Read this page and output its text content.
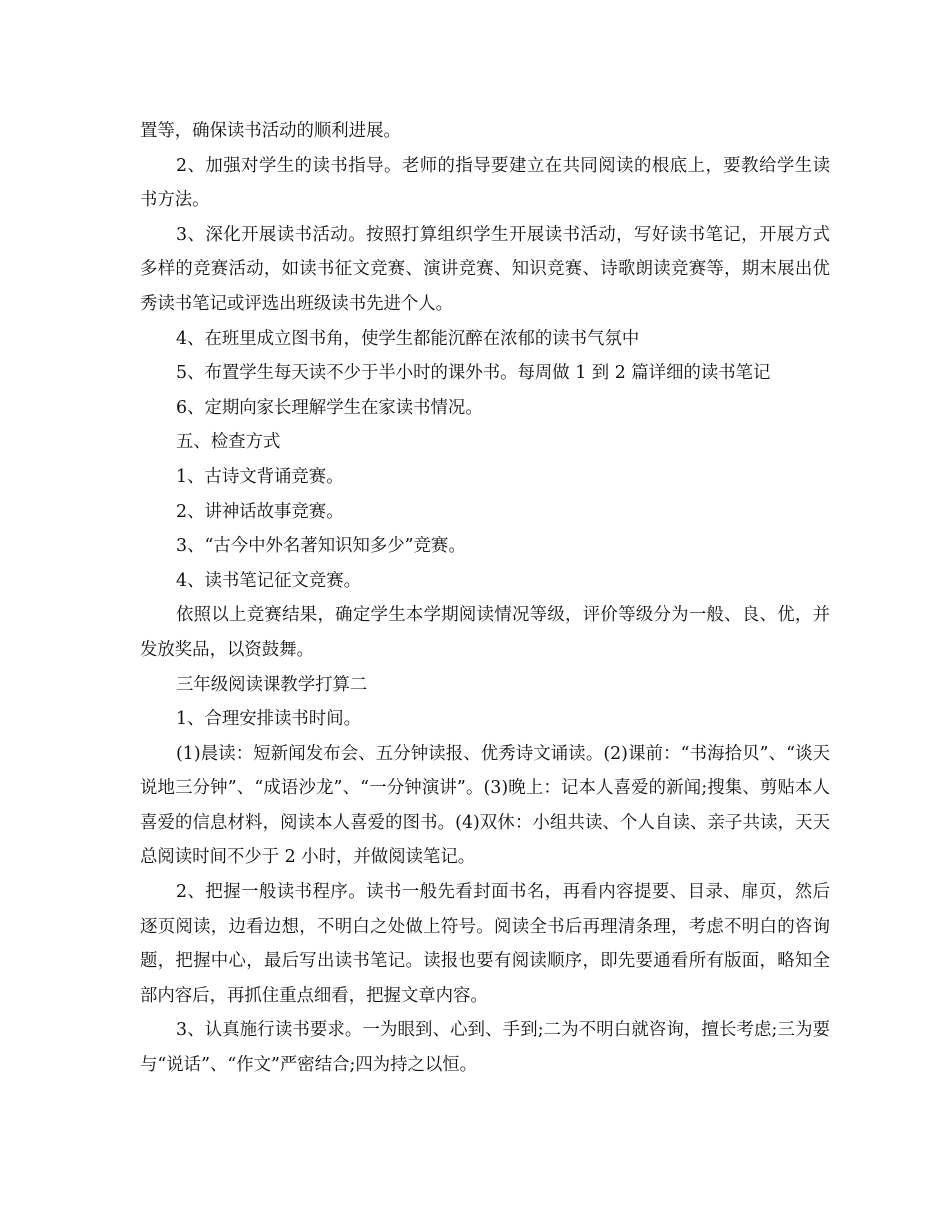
置等，确保读书活动的顺利进展。

2、加强对学生的读书指导。老师的指导要建立在共同阅读的根底上，要教给学生读书方法。

3、深化开展读书活动。按照打算组织学生开展读书活动，写好读书笔记，开展方式多样的竞赛活动，如读书征文竞赛、演讲竞赛、知识竞赛、诗歌朗读竞赛等，期末展出优秀读书笔记或评选出班级读书先进个人。

4、在班里成立图书角，使学生都能沉醉在浓郁的读书气氛中

5、布置学生每天读不少于半小时的课外书。每周做 1 到 2 篇详细的读书笔记

6、定期向家长理解学生在家读书情况。

五、检查方式

1、古诗文背诵竞赛。

2、讲神话故事竞赛。

3、“古今中外名著知识知多少”竞赛。

4、读书笔记征文竞赛。

依照以上竞赛结果，确定学生本学期阅读情况等级，评价等级分为一般、良、优，并发放奖品，以资鼓舞。

三年级阅读课教学打算二

1、合理安排读书时间。

(1)晨读：短新闻发布会、五分钟读报、优秀诗文诵读。(2)课前：“书海拾贝”、“谈天说地三分钟”、“成语沙龙”、“一分钟演讲”。(3)晚上：记本人喜爱的新闻;搜集、剪贴本人喜爱的信息材料，阅读本人喜爱的图书。(4)双休：小组共读、个人自读、亲子共读，天天总阅读时间不少于 2 小时，并做阅读笔记。

2、把握一般读书程序。读书一般先看封面书名，再看内容提要、目录、扉页，然后逐页阅读，边看边想，不明白之处做上符号。阅读全书后再理清条理，考虑不明白的咨询题，把握中心，最后写出读书笔记。读报也要有阅读顺序，即先要通看所有版面，略知全部内容后，再抓住重点细看，把握文章内容。

3、认真施行读书要求。一为眼到、心到、手到;二为不明白就咨询，擅长考虑;三为要与“说话”、“作文”严密结合;四为持之以恒。
